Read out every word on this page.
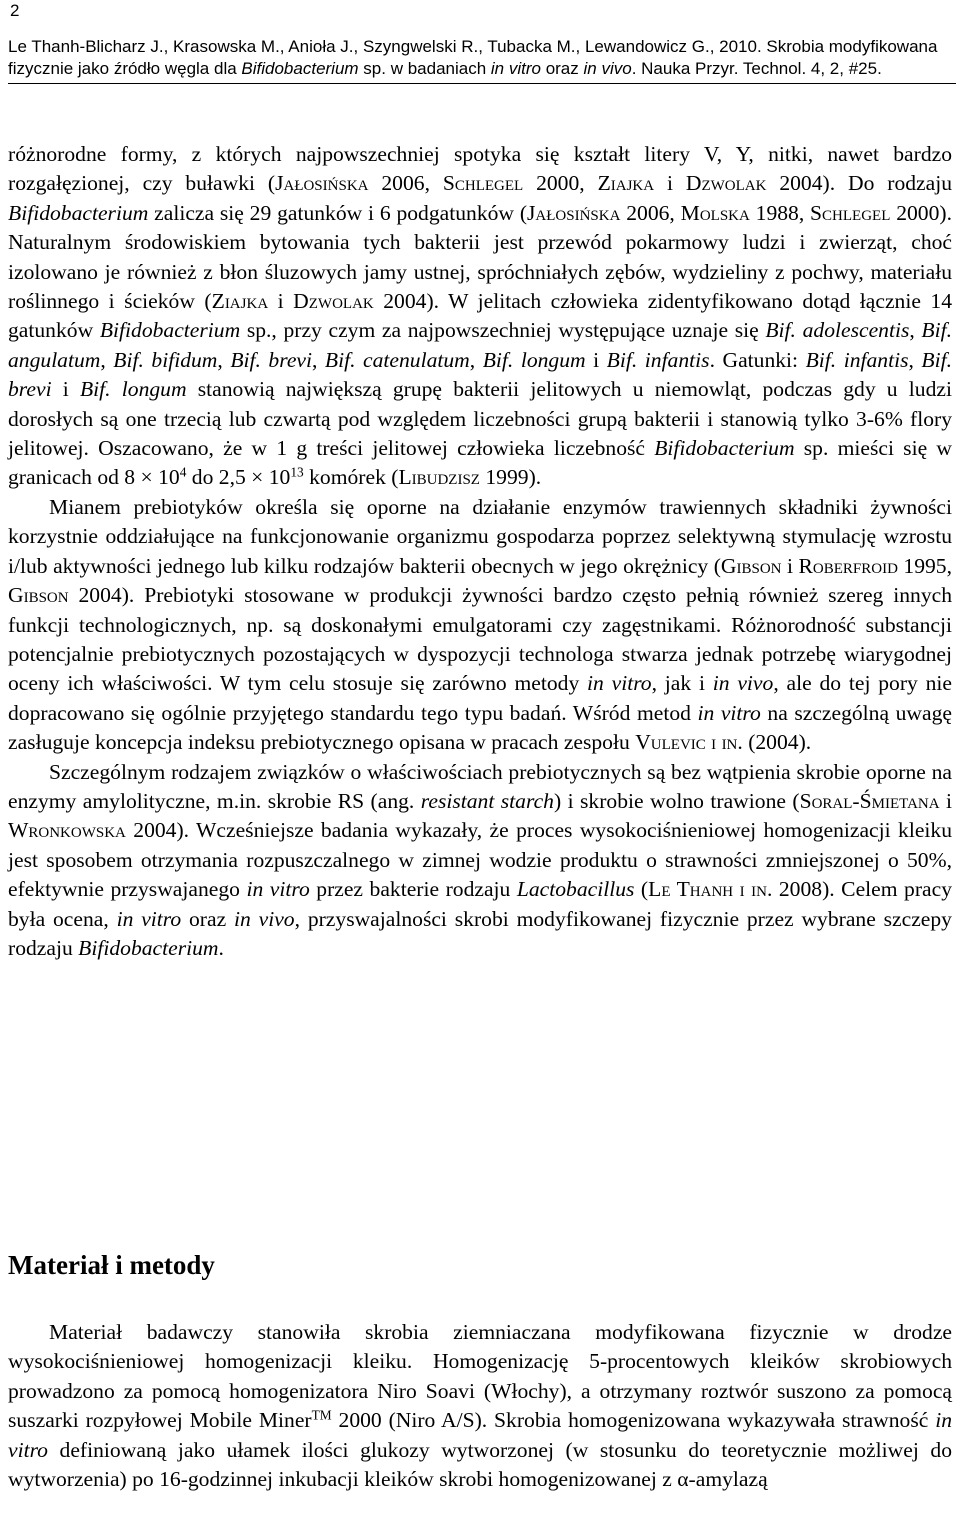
2
Le Thanh-Blicharz J., Krasowska M., Anioła J., Szyngwelski R., Tubacka M., Lewandowicz G., 2010. Skrobia modyfikowana fizycznie jako źródło węgla dla Bifidobacterium sp. w badaniach in vitro oraz in vivo. Nauka Przyr. Technol. 4, 2, #25.

różnorodne formy, z których najpowszechniej spotyka się kształt litery V, Y, nitki, nawet bardzo rozgałęzionej, czy buławki (Jałosińska 2006, Schlegel 2000, Ziajka i Dzwolak 2004). Do rodzaju Bifidobacterium zalicza się 29 gatunków i 6 podgatunków (Jałosińska 2006, Molska 1988, Schlegel 2000). Naturalnym środowiskiem bytowania tych bakterii jest przewód pokarmowy ludzi i zwierząt, choć izolowano je również z błon śluzowych jamy ustnej, spróchniałych zębów, wydzieliny z pochwy, materiału roślinnego i ścieków (Ziajka i Dzwolak 2004). W jelitach człowieka zidentyfikowano dotąd łącznie 14 gatunków Bifidobacterium sp., przy czym za najpowszechniej występujące uznaje się Bif. adolescentis, Bif. angulatum, Bif. bifidum, Bif. brevi, Bif. catenulatum, Bif. longum i Bif. infantis. Gatunki: Bif. infantis, Bif. brevi i Bif. longum stanowią największą grupę bakterii jelitowych u niemowląt, podczas gdy u ludzi dorosłych są one trzecią lub czwartą pod względem liczebności grupą bakterii i stanowią tylko 3-6% flory jelitowej. Oszacowano, że w 1 g treści jelitowej człowieka liczebność Bifidobacterium sp. mieści się w granicach od $8 \times 10^4$ do $2,5 \times 10^{13}$ komórek (Libudzisz 1999).

Mianem prebiotyków określa się oporne na działanie enzymów trawiennych składniki żywności korzystnie oddziałujące na funkcjonowanie organizmu gospodarza poprzez selektywną stymulację wzrostu i/lub aktywności jednego lub kilku rodzajów bakterii obecnych w jego okrężnicy (Gibson i Roberfroid 1995, Gibson 2004). Prebiotyki stosowane w produkcji żywności bardzo często pełnią również szereg innych funkcji technologicznych, np. są doskonałymi emulgatorami czy zagęstnikami. Różnorodność substancji potencjalnie prebiotycznych pozostających w dyspozycji technologa stwarza jednak potrzebę wiarygodnej oceny ich właściwości. W tym celu stosuje się zarówno metody in vitro, jak i in vivo, ale do tej pory nie dopracowano się ogólnie przyjętego standardu tego typu badań. Wśród metod in vitro na szczególną uwagę zasługuje koncepcja indeksu prebiotycznego opisana w pracach zespołu Vulevic i in. (2004).

Szczególnym rodzajem związków o właściwościach prebiotycznych są bez wątpienia skrobie oporne na enzymy amylolityczne, m.in. skrobie RS (ang. resistant starch) i skrobie wolno trawione (Soral-Śmietana i Wronkowska 2004). Wcześniejsze badania wykazały, że proces wysokociśnieniowej homogenizacji kleiku jest sposobem otrzymania rozpuszczalnego w zimnej wodzie produktu o strawności zmniejszonej o 50%, efektywnie przyswajanego in vitro przez bakterie rodzaju Lactobacillus (Le Thanh i in. 2008). Celem pracy była ocena, in vitro oraz in vivo, przyswajalności skrobi modyfikowanej fizycznie przez wybrane szczepy rodzaju Bifidobacterium.

Materiał i metody

Materiał badawczy stanowiła skrobia ziemniaczana modyfikowana fizycznie w drodze wysokociśnieniowej homogenizacji kleiku. Homogenizację 5-procentowych kleików skrobiowych prowadzono za pomocą homogenizatora Niro Soavi (Włochy), a otrzymany roztwór suszono za pomocą suszarki rozpyłowej Mobile Miner™ 2000 (Niro A/S). Skrobia homogenizowana wykazywała strawność in vitro definiowaną jako ułamek ilości glukozy wytworzonej (w stosunku do teoretycznie możliwej do wytworzenia) po 16-godzinnej inkubacji kleików skrobi homogenizowanej z α-amylazą
